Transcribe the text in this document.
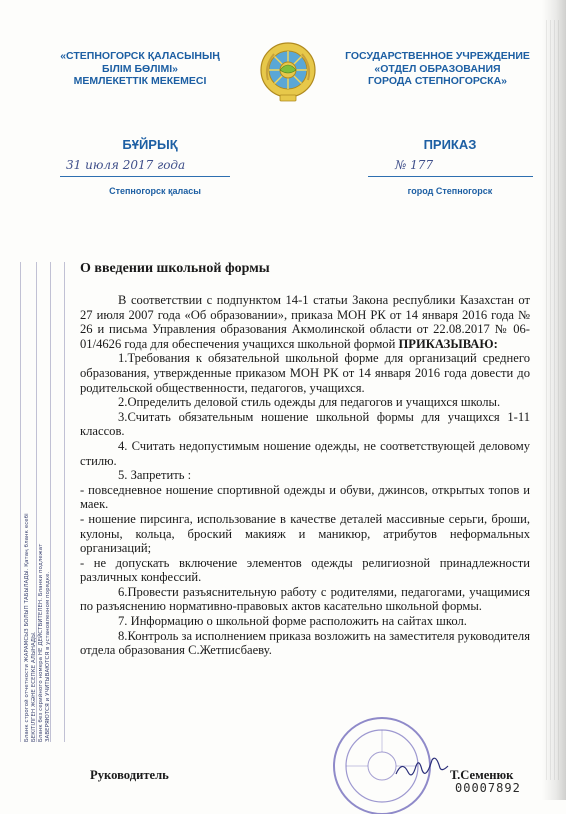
«СТЕПНОГОРСК ҚАЛАСЫНЫҢ
БІЛІМ БӨЛІМІ»
МЕМЛЕКЕТТІК МЕКЕМЕСІ
ГОСУДАРСТВЕННОЕ УЧРЕЖДЕНИЕ
«ОТДЕЛ ОБРАЗОВАНИЯ
ГОРОДА СТЕПНОГОРСКА»
БҰЙРЫҚ	ПРИКАЗ
31 июля 2017 года	№ 177
Степногорск қаласы	город Степногорск
Бланк строгой отчетности ЖАРАМСЫЗ БОЛЫП ТАБЫЛАДЫ. Қатаң бланк есебі БЕКІТІЛГЕН ЖӘНЕ ЕСЕПКЕ АЛЫНАДЫ. Бланк без серийного номера НЕ ДЕЙСТВИТЕЛЕН. Бланки подлежат ЗАВЕРЯЮТСЯ и УЧИТЫВАЮТСЯ в установленном порядке.
О введении школьной формы

В соответствии с подпунктом 14-1 статьи Закона республики Казахстан от 27 июля 2007 года «Об образовании», приказа МОН РК от 14 января 2016 года № 26 и письма Управления образования Акмолинской области от 22.08.2017 № 06-01/4626 года для обеспечения учащихся школьной формой ПРИКАЗЫВАЮ:

1.Требования к обязательной школьной форме для организаций среднего образования, утвержденные приказом МОН РК от 14 января 2016 года довести до родительской общественности, педагогов, учащихся.

2.Определить деловой стиль одежды для педагогов и учащихся школы.

3.Считать обязательным ношение школьной формы для учащихся 1-11 классов.

4. Считать недопустимым ношение одежды, не соответствующей деловому стилю.

5. Запретить :

- повседневное ношение спортивной одежды и обуви, джинсов, открытых топов и маек.

- ношение пирсинга, использование в качестве деталей массивные серьги, броши, кулоны, кольца, броский макияж и маникюр, атрибутов неформальных организаций;

- не допускать включение элементов одежды религиозной принадлежности различных конфессий.

6.Провести разъяснительную работу с родителями, педагогами, учащимися по разъяснению нормативно-правовых актов касательно школьной формы.

7. Информацию о школьной форме расположить на сайтах школ.

8.Контроль за исполнением приказа возложить на заместителя руководителя отдела образования С.Жетписбаеву.

Руководитель	Т.Семенюк
00007892
